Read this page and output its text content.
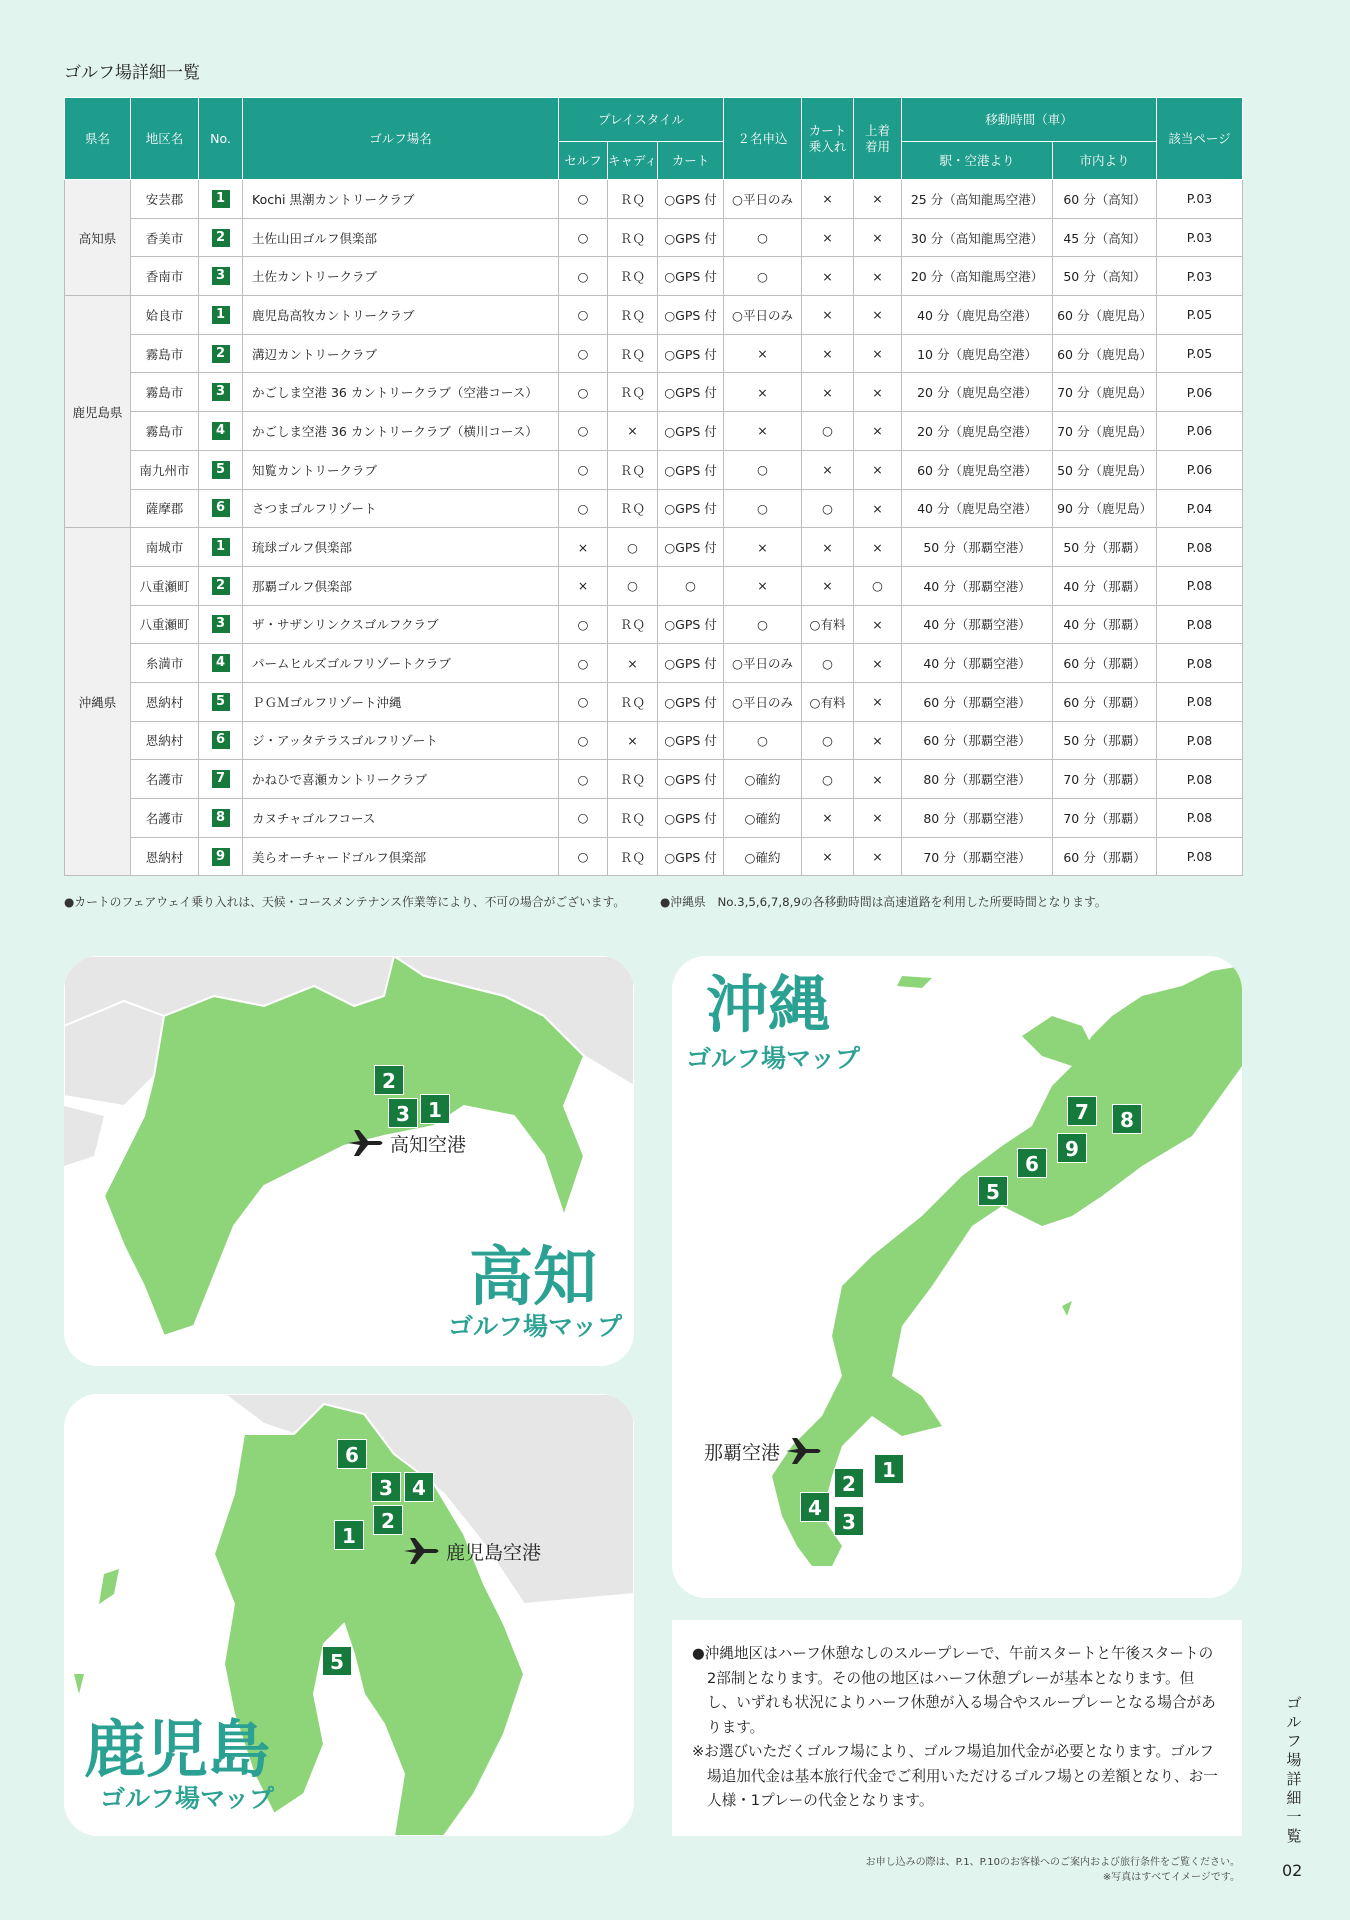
ゴルフ場詳細一覧
県名	地区名	No.	ゴルフ場名	プレイスタイル			２名申込	カート 乗入れ	上着 着用	移動時間（車）		該当ページ
				セルフ	キャディ	カート				駅・空港より	市内より	
高知県	安芸郡	1	Kochi 黒潮カントリークラブ	○	ＲＱ	○GPS 付	○平日のみ	×	×	25 分（高知龍馬空港）	60 分（高知）	P.03
	香美市	2	土佐山田ゴルフ倶楽部	○	ＲＱ	○GPS 付	○	×	×	30 分（高知龍馬空港）	45 分（高知）	P.03
	香南市	3	土佐カントリークラブ	○	ＲＱ	○GPS 付	○	×	×	20 分（高知龍馬空港）	50 分（高知）	P.03
鹿児島県	姶良市	1	鹿児島高牧カントリークラブ	○	ＲＱ	○GPS 付	○平日のみ	×	×	40 分（鹿児島空港）	60 分（鹿児島）	P.05
	霧島市	2	溝辺カントリークラブ	○	ＲＱ	○GPS 付	×	×	×	10 分（鹿児島空港）	60 分（鹿児島）	P.05
	霧島市	3	かごしま空港 36 カントリークラブ（空港コース）	○	ＲＱ	○GPS 付	×	×	×	20 分（鹿児島空港）	70 分（鹿児島）	P.06
	霧島市	4	かごしま空港 36 カントリークラブ（横川コース）	○	×	○GPS 付	×	○	×	20 分（鹿児島空港）	70 分（鹿児島）	P.06
	南九州市	5	知覧カントリークラブ	○	ＲＱ	○GPS 付	○	×	×	60 分（鹿児島空港）	50 分（鹿児島）	P.06
	薩摩郡	6	さつまゴルフリゾート	○	ＲＱ	○GPS 付	○	○	×	40 分（鹿児島空港）	90 分（鹿児島）	P.04
沖縄県	南城市	1	琉球ゴルフ倶楽部	×	○	○GPS 付	×	×	×	50 分（那覇空港）	50 分（那覇）	P.08
	八重瀬町	2	那覇ゴルフ倶楽部	×	○	○	×	×	○	40 分（那覇空港）	40 分（那覇）	P.08
	八重瀬町	3	ザ・サザンリンクスゴルフクラブ	○	ＲＱ	○GPS 付	○	○有料	×	40 分（那覇空港）	40 分（那覇）	P.08
	糸満市	4	パームヒルズゴルフリゾートクラブ	○	×	○GPS 付	○平日のみ	○	×	40 分（那覇空港）	60 分（那覇）	P.08
	恩納村	5	ＰＧＭゴルフリゾート沖縄	○	ＲＱ	○GPS 付	○平日のみ	○有料	×	60 分（那覇空港）	60 分（那覇）	P.08
	恩納村	6	ジ・アッタテラスゴルフリゾート	○	×	○GPS 付	○	○	×	60 分（那覇空港）	50 分（那覇）	P.08
	名護市	7	かねひで喜瀬カントリークラブ	○	ＲＱ	○GPS 付	○確約	○	×	80 分（那覇空港）	70 分（那覇）	P.08
	名護市	8	カヌチャゴルフコース	○	ＲＱ	○GPS 付	○確約	×	×	80 分（那覇空港）	70 分（那覇）	P.08
	恩納村	9	美らオーチャードゴルフ倶楽部	○	ＲＱ	○GPS 付	○確約	×	×	70 分（那覇空港）	60 分（那覇）	P.08
●カートのフェアウェイ乗り入れは、天候・コースメンテナンス作業等により、不可の場合がございます。	●沖縄県　No.3,5,6,7,8,9の各移動時間は高速道路を利用した所要時間となります。
2
3 1
高知空港
高知
ゴルフ場マップ
6
3 4
2
1
5
鹿児島空港
鹿児島
ゴルフ場マップ
7	8
9
6
5
1
2
4
3
那覇空港
沖縄
ゴルフ場マップ

●沖縄地区はハーフ休憩なしのスループレーで、午前スタートと午後スタートの2部制となります。その他の地区はハーフ休憩プレーが基本となります。但し、いずれも状況によりハーフ休憩が入る場合やスループレーとなる場合があります。

※お選びいただくゴルフ場により、ゴルフ場追加代金が必要となります。ゴルフ場追加代金は基本旅行代金でご利用いただけるゴルフ場との差額となり、お一人様・1プレーの代金となります。

ゴルフ場詳細一覧
02
お申し込みの際は、P.1、P.10のお客様へのご案内および旅行条件をご覧ください。
※写真はすべてイメージです。
